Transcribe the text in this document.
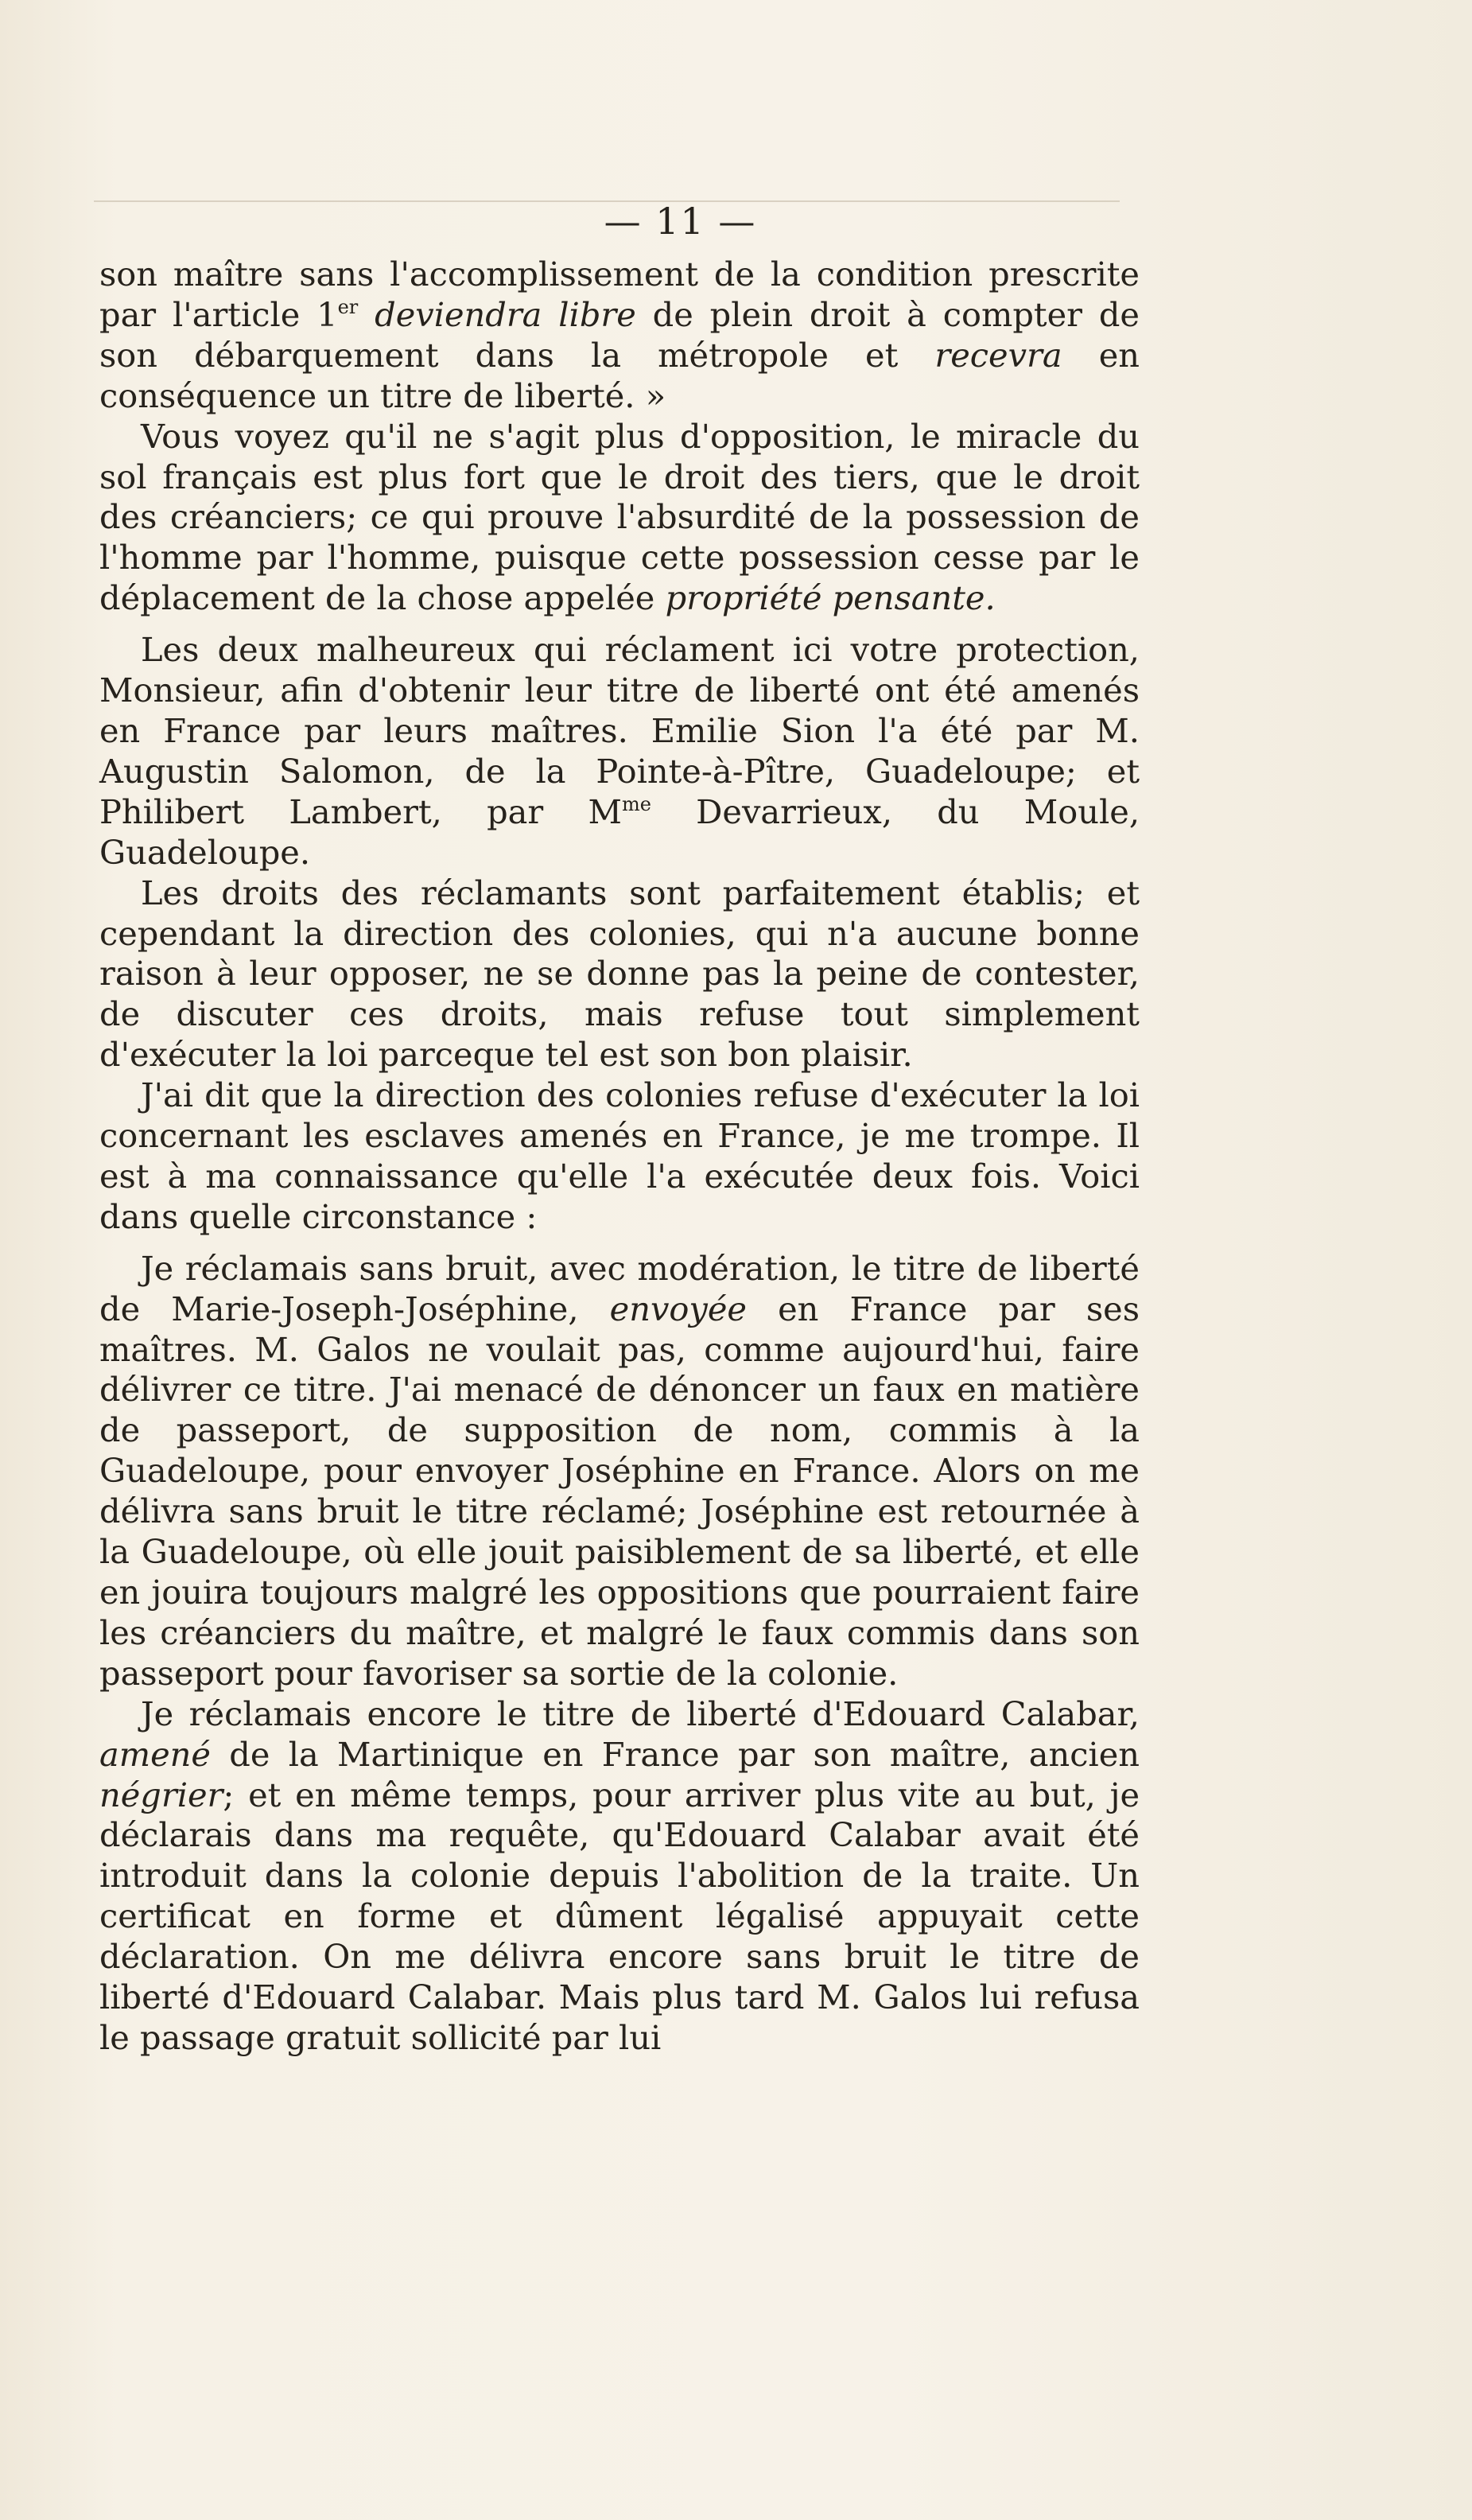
— 11 —

son maître sans l'accomplissement de la condition prescrite par l'article 1er deviendra libre de plein droit à compter de son débarquement dans la métropole et recevra en conséquence un titre de liberté. »

Vous voyez qu'il ne s'agit plus d'opposition, le miracle du sol français est plus fort que le droit des tiers, que le droit des créanciers; ce qui prouve l'absurdité de la possession de l'homme par l'homme, puisque cette possession cesse par le déplacement de la chose appelée propriété pensante.

Les deux malheureux qui réclament ici votre protection, Monsieur, afin d'obtenir leur titre de liberté ont été amenés en France par leurs maîtres. Emilie Sion l'a été par M. Augustin Salomon, de la Pointe-à-Pître, Guadeloupe; et Philibert Lambert, par $M^{me}$ Devarrieux, du Moule, Guadeloupe.

Les droits des réclamants sont parfaitement établis; et cependant la direction des colonies, qui n'a aucune bonne raison à leur opposer, ne se donne pas la peine de contester, de discuter ces droits, mais refuse tout simplement d'exécuter la loi parceque tel est son bon plaisir.

J'ai dit que la direction des colonies refuse d'exécuter la loi concernant les esclaves amenés en France, je me trompe. Il est à ma connaissance qu'elle l'a exécutée deux fois. Voici dans quelle circonstance :

Je réclamais sans bruit, avec modération, le titre de liberté de Marie-Joseph-Joséphine, envoyée en France par ses maîtres. M. Galos ne voulait pas, comme aujourd'hui, faire délivrer ce titre. J'ai menacé de dénoncer un faux en matière de passeport, de supposition de nom, commis à la Guadeloupe, pour envoyer Joséphine en France. Alors on me délivra sans bruit le titre réclamé; Joséphine est retournée à la Guadeloupe, où elle jouit paisiblement de sa liberté, et elle en jouira toujours malgré les oppositions que pourraient faire les créanciers du maître, et malgré le faux commis dans son passeport pour favoriser sa sortie de la colonie.

Je réclamais encore le titre de liberté d'Edouard Calabar, amené de la Martinique en France par son maître, ancien négrier; et en même temps, pour arriver plus vite au but, je déclarais dans ma requête, qu'Edouard Calabar avait été introduit dans la colonie depuis l'abolition de la traite. Un certificat en forme et dûment légalisé appuyait cette déclaration. On me délivra encore sans bruit le titre de liberté d'Edouard Calabar. Mais plus tard M. Galos lui refusa le passage gratuit sollicité par lui
